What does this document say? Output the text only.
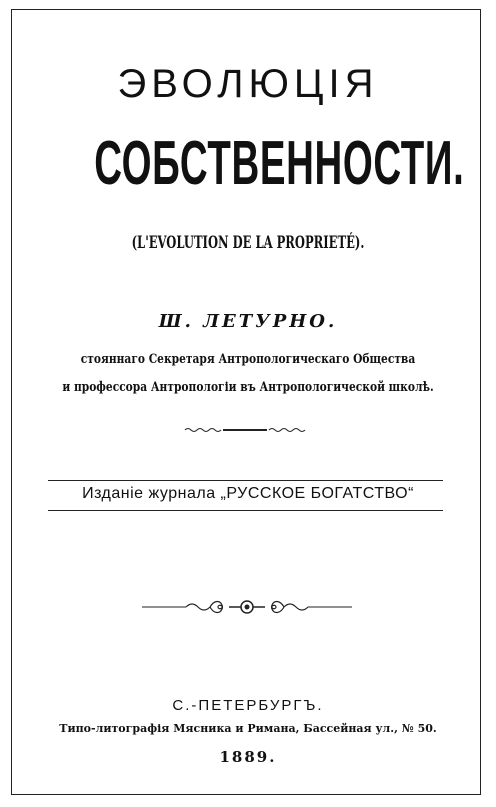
ЭВОЛЮЦІЯ
СОБСТВЕННОСТИ.
(L'EVOLUTION DE LA PROPRIETÉ).
Ш. ЛЕТУРНО.
стояннаго Секретаря Антропологическаго Общества
и профессора Антропологіи въ Антропологической школѣ.
Изданіе журнала „РУССКОЕ БОГАТСТВО“
С.-ПЕТЕРБУРГЪ.
Типо-литографія Мясника и Римана, Бассейная ул., № 50.
1889.
